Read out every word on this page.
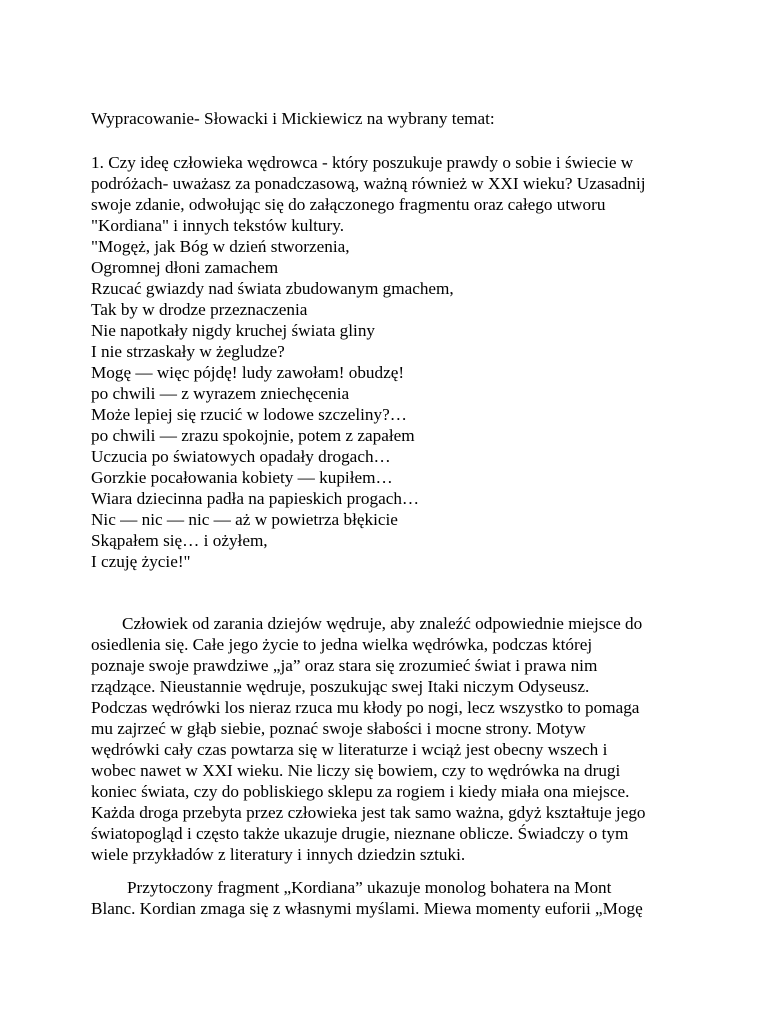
Wypracowanie- Słowacki i Mickiewicz na wybrany temat:
1. Czy ideę człowieka wędrowca - który poszukuje prawdy o sobie i świecie w
podróżach- uważasz za ponadczasową, ważną również w XXI wieku? Uzasadnij
swoje zdanie, odwołując się do załączonego fragmentu oraz całego utworu
"Kordiana" i innych tekstów kultury.
"Mogęż, jak Bóg w dzień stworzenia,
Ogromnej dłoni zamachem
Rzucać gwiazdy nad świata zbudowanym gmachem,
Tak by w drodze przeznaczenia
Nie napotkały nigdy kruchej świata gliny
I nie strzaskały w żegludze?
Mogę — więc pójdę! ludy zawołam! obudzę!
po chwili — z wyrazem zniechęcenia
Może lepiej się rzucić w lodowe szczeliny?…
po chwili — zrazu spokojnie, potem z zapałem
Uczucia po światowych opadały drogach…
Gorzkie pocałowania kobiety — kupiłem…
Wiara dziecinna padła na papieskich progach…
Nic — nic — nic — aż w powietrza błękicie
Skąpałem się… i ożyłem,
I czuję życie!"
Człowiek od zarania dziejów wędruje, aby znaleźć odpowiednie miejsce do
osiedlenia się. Całe jego życie to jedna wielka wędrówka, podczas której
poznaje swoje prawdziwe „ja” oraz stara się zrozumieć świat i prawa nim
rządzące. Nieustannie wędruje, poszukując swej Itaki niczym Odyseusz.
Podczas wędrówki los nieraz rzuca mu kłody po nogi, lecz wszystko to pomaga
mu zajrzeć w głąb siebie, poznać swoje słabości i mocne strony. Motyw
wędrówki cały czas powtarza się w literaturze i wciąż jest obecny wszech i
wobec nawet w XXI wieku. Nie liczy się bowiem, czy to wędrówka na drugi
koniec świata, czy do pobliskiego sklepu za rogiem i kiedy miała ona miejsce.
Każda droga przebyta przez człowieka jest tak samo ważna, gdyż kształtuje jego
światopogląd i często także ukazuje drugie, nieznane oblicze. Świadczy o tym
wiele przykładów z literatury i innych dziedzin sztuki.
Przytoczony fragment „Kordiana” ukazuje monolog bohatera na Mont
Blanc. Kordian zmaga się z własnymi myślami. Miewa momenty euforii „Mogę
